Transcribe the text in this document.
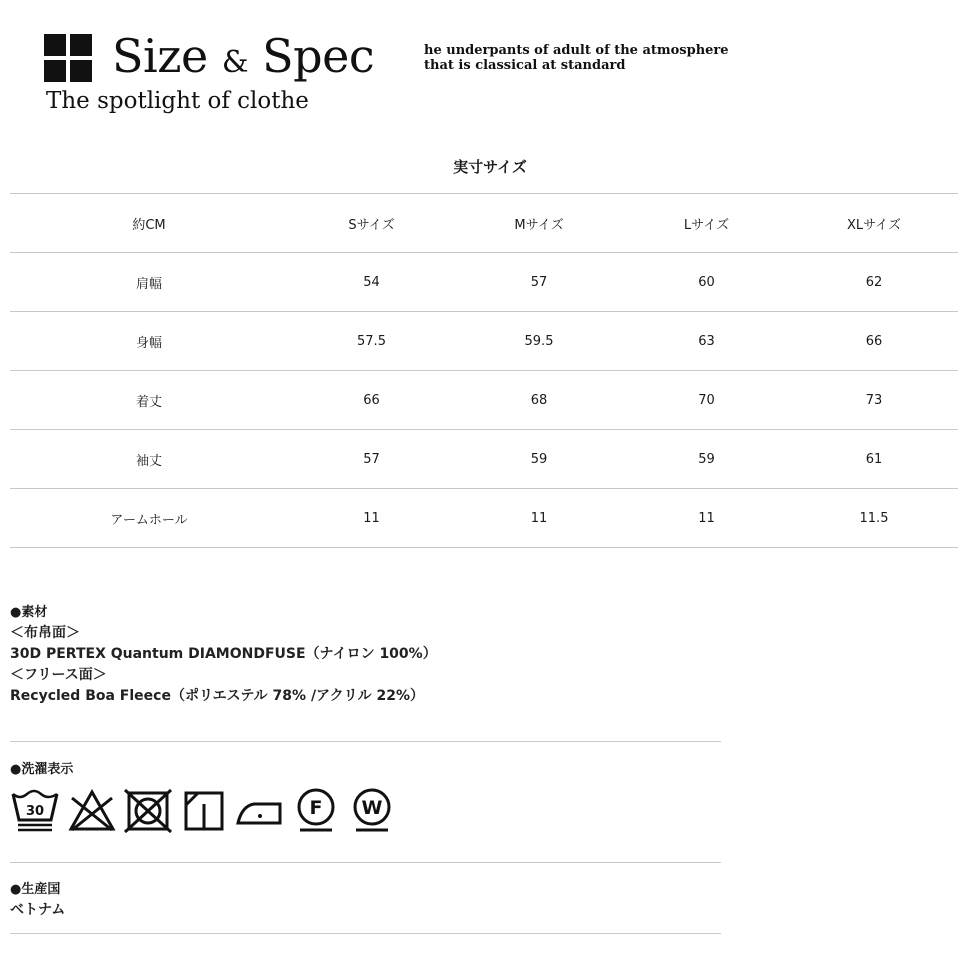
Size & Spec
The spotlight of clothe
he underpants of adult of the atmosphere
that is classical at standard
実寸サイズ
約CM	Sサイズ	Mサイズ	Lサイズ	XLサイズ
肩幅	54	57	60	62
身幅	57.5	59.5	63	66
着丈	66	68	70	73
袖丈	57	59	59	61
アームホール	11	11	11	11.5
●素材
＜布帛面＞
30D PERTEX Quantum DIAMONDFUSE（ナイロン 100%）
＜フリース面＞
Recycled Boa Fleece（ポリエステル 78% /アクリル 22%）
●洗濯表示
30	F W
●生産国
ベトナム
